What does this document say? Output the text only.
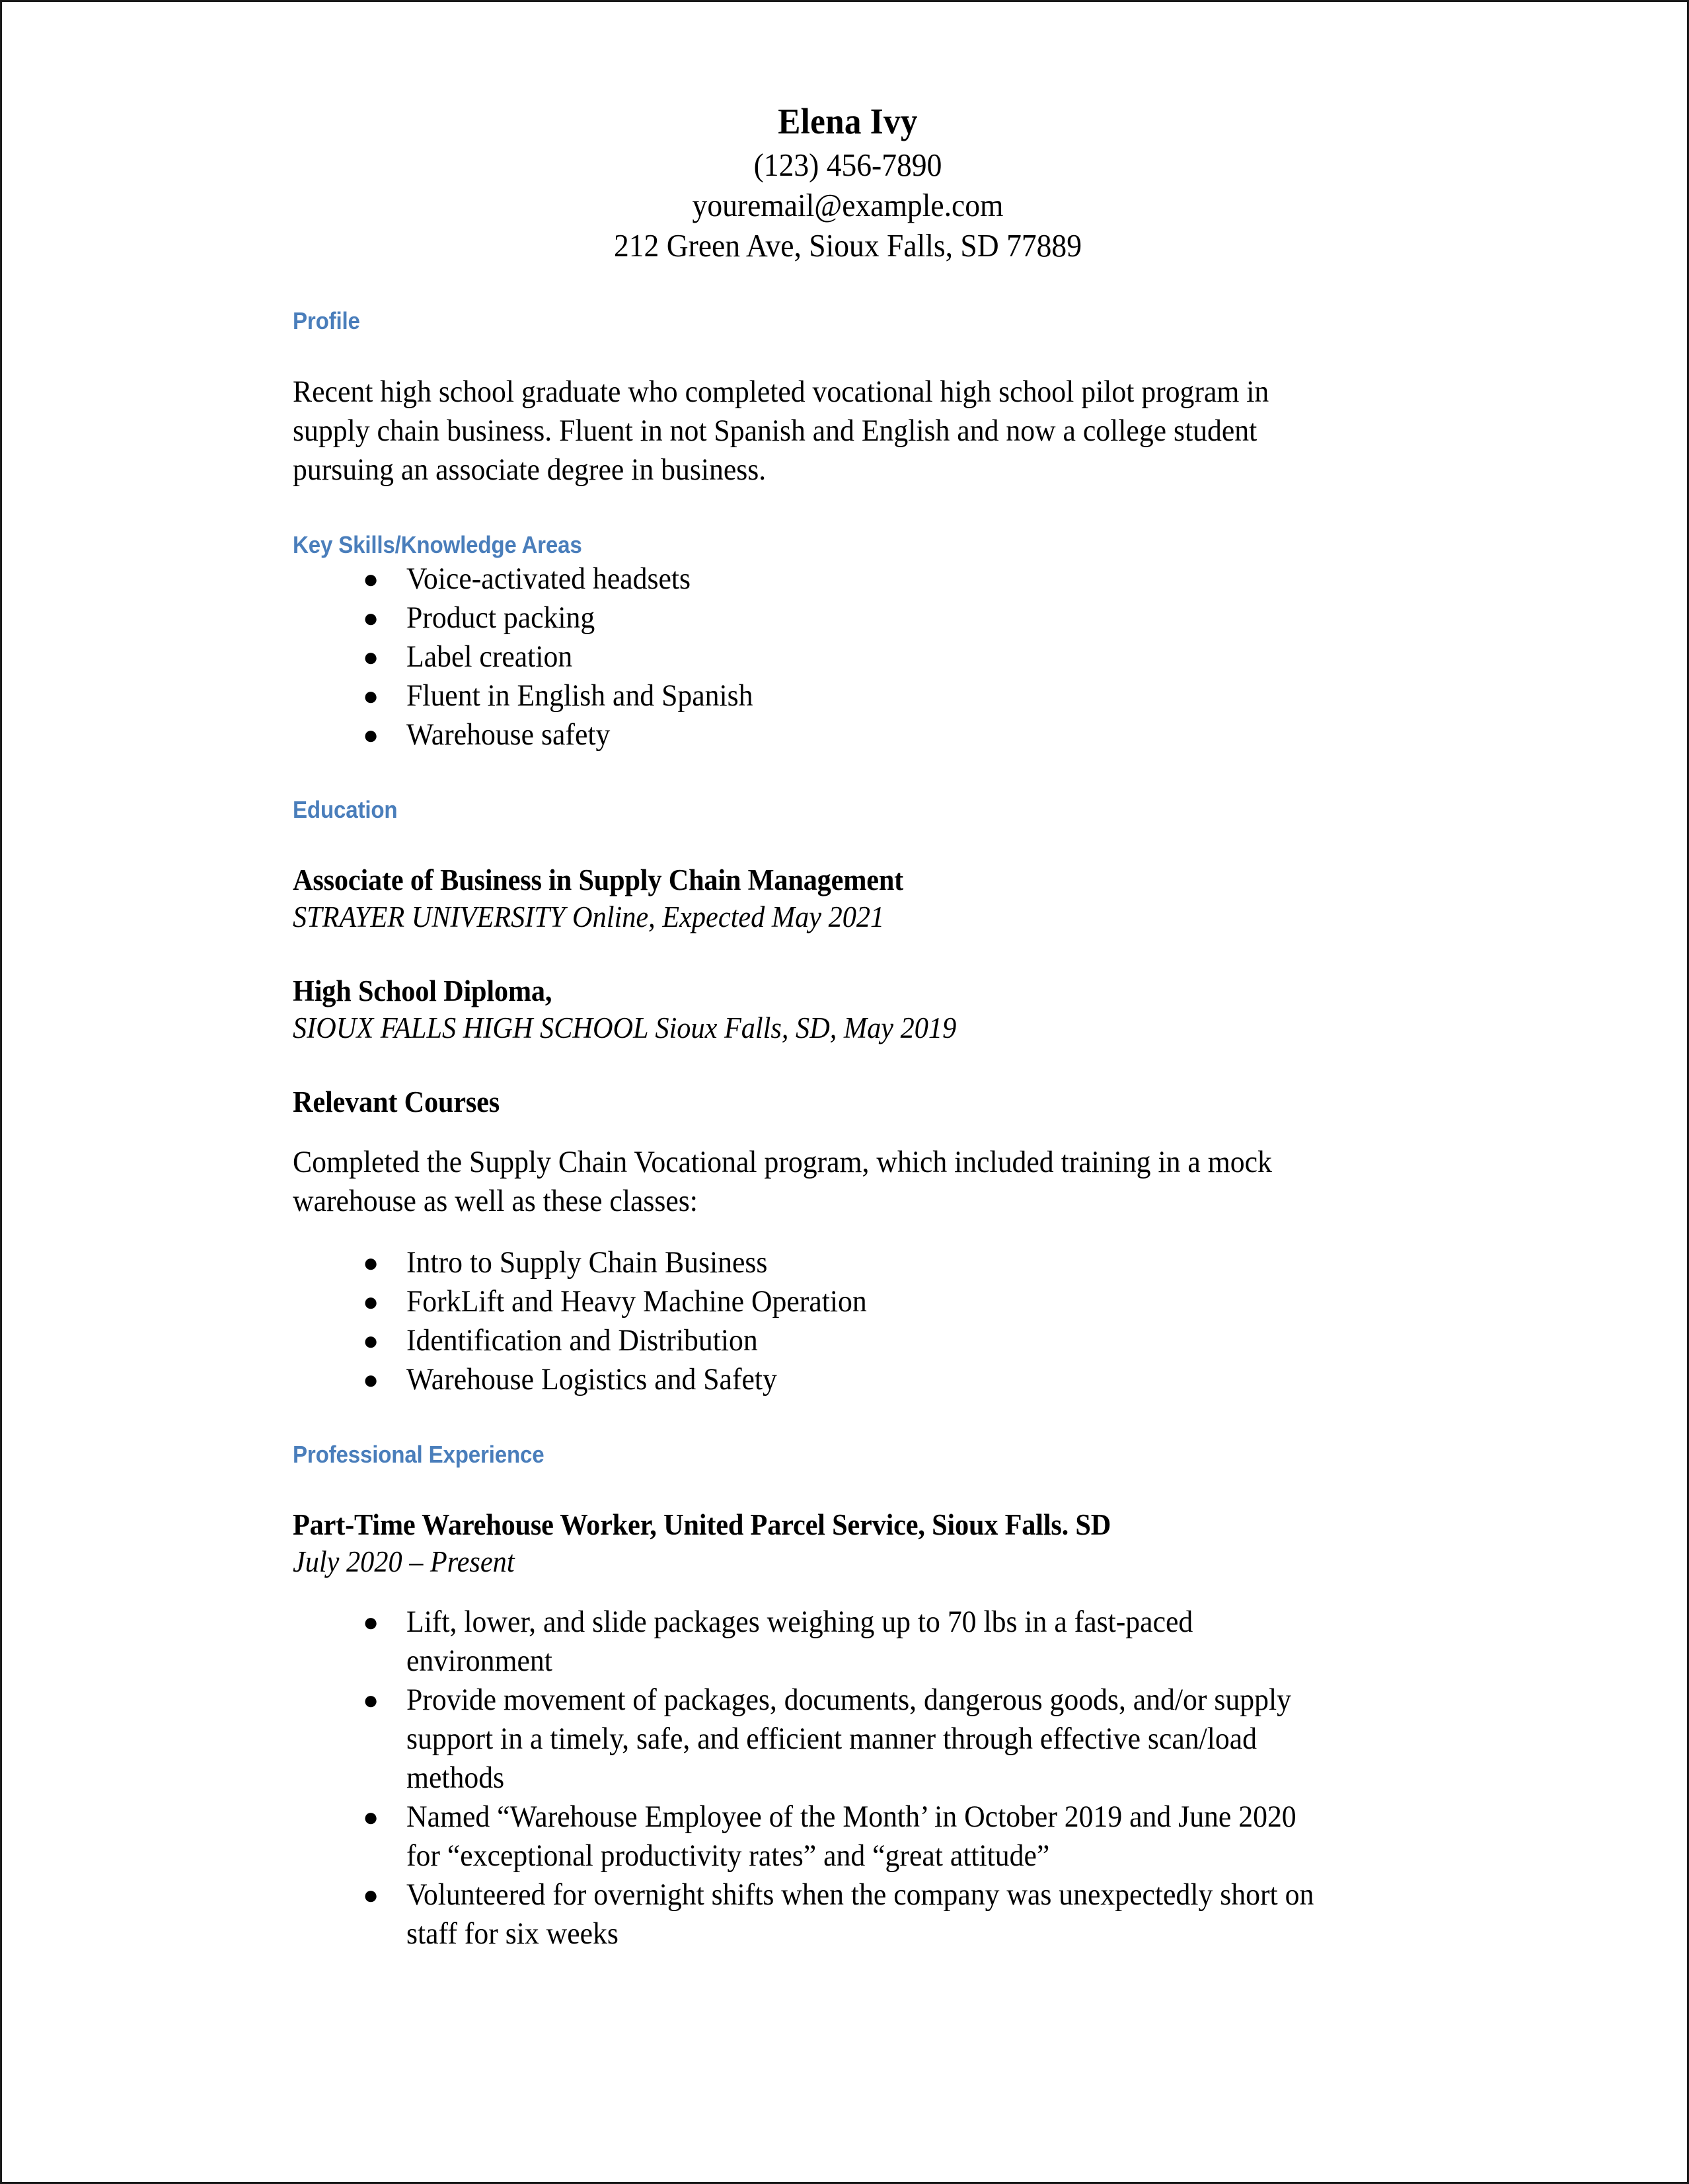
Elena Ivy
(123) 456-7890
youremail@example.com
212 Green Ave, Sioux Falls, SD 77889
Profile

Recent high school graduate who completed vocational high school pilot program in supply chain business. Fluent in not Spanish and English and now a college student pursuing an associate degree in business.

Key Skills/Knowledge Areas
● Voice-activated headsets
● Product packing
● Label creation
● Fluent in English and Spanish
● Warehouse safety
Education
Associate of Business in Supply Chain Management
STRAYER UNIVERSITY Online, Expected May 2021
High School Diploma,
SIOUX FALLS HIGH SCHOOL Sioux Falls, SD, May 2019
Relevant Courses

Completed the Supply Chain Vocational program, which included training in a mock warehouse as well as these classes:

● Intro to Supply Chain Business
● ForkLift and Heavy Machine Operation
● Identification and Distribution
● Warehouse Logistics and Safety
Professional Experience
Part-Time Warehouse Worker, United Parcel Service, Sioux Falls. SD
July 2020 – Present
● Lift, lower, and slide packages weighing up to 70 lbs in a fast-paced environment
● Provide movement of packages, documents, dangerous goods, and/or supply support in a timely, safe, and efficient manner through effective scan/load methods
● Named “Warehouse Employee of the Month’ in October 2019 and June 2020 for “exceptional productivity rates” and “great attitude”
● Volunteered for overnight shifts when the company was unexpectedly short on staff for six weeks
